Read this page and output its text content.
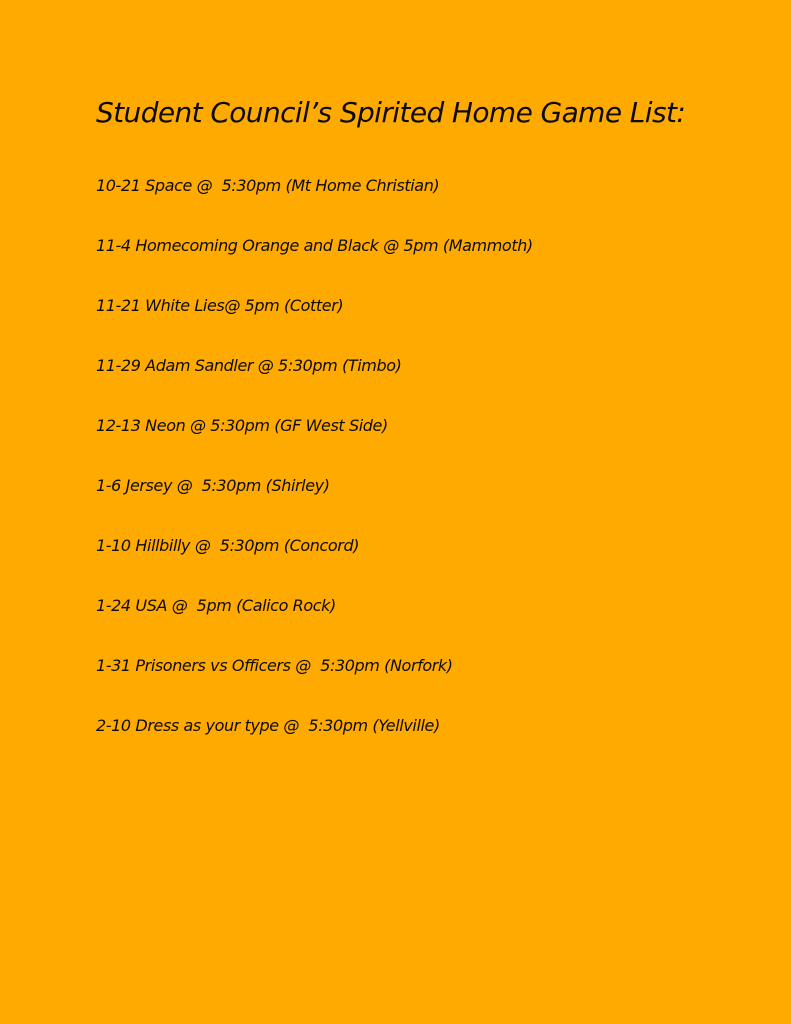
Student Council’s Spirited Home Game List:
10-21 Space @  5:30pm (Mt Home Christian)
11-4 Homecoming Orange and Black @ 5pm (Mammoth)
11-21 White Lies@ 5pm (Cotter)
11-29 Adam Sandler @ 5:30pm (Timbo)
12-13 Neon @ 5:30pm (GF West Side)
1-6 Jersey @  5:30pm (Shirley)
1-10 Hillbilly @  5:30pm (Concord)
1-24 USA @  5pm (Calico Rock)
1-31 Prisoners vs Officers @  5:30pm (Norfork)
2-10 Dress as your type @  5:30pm (Yellville)
